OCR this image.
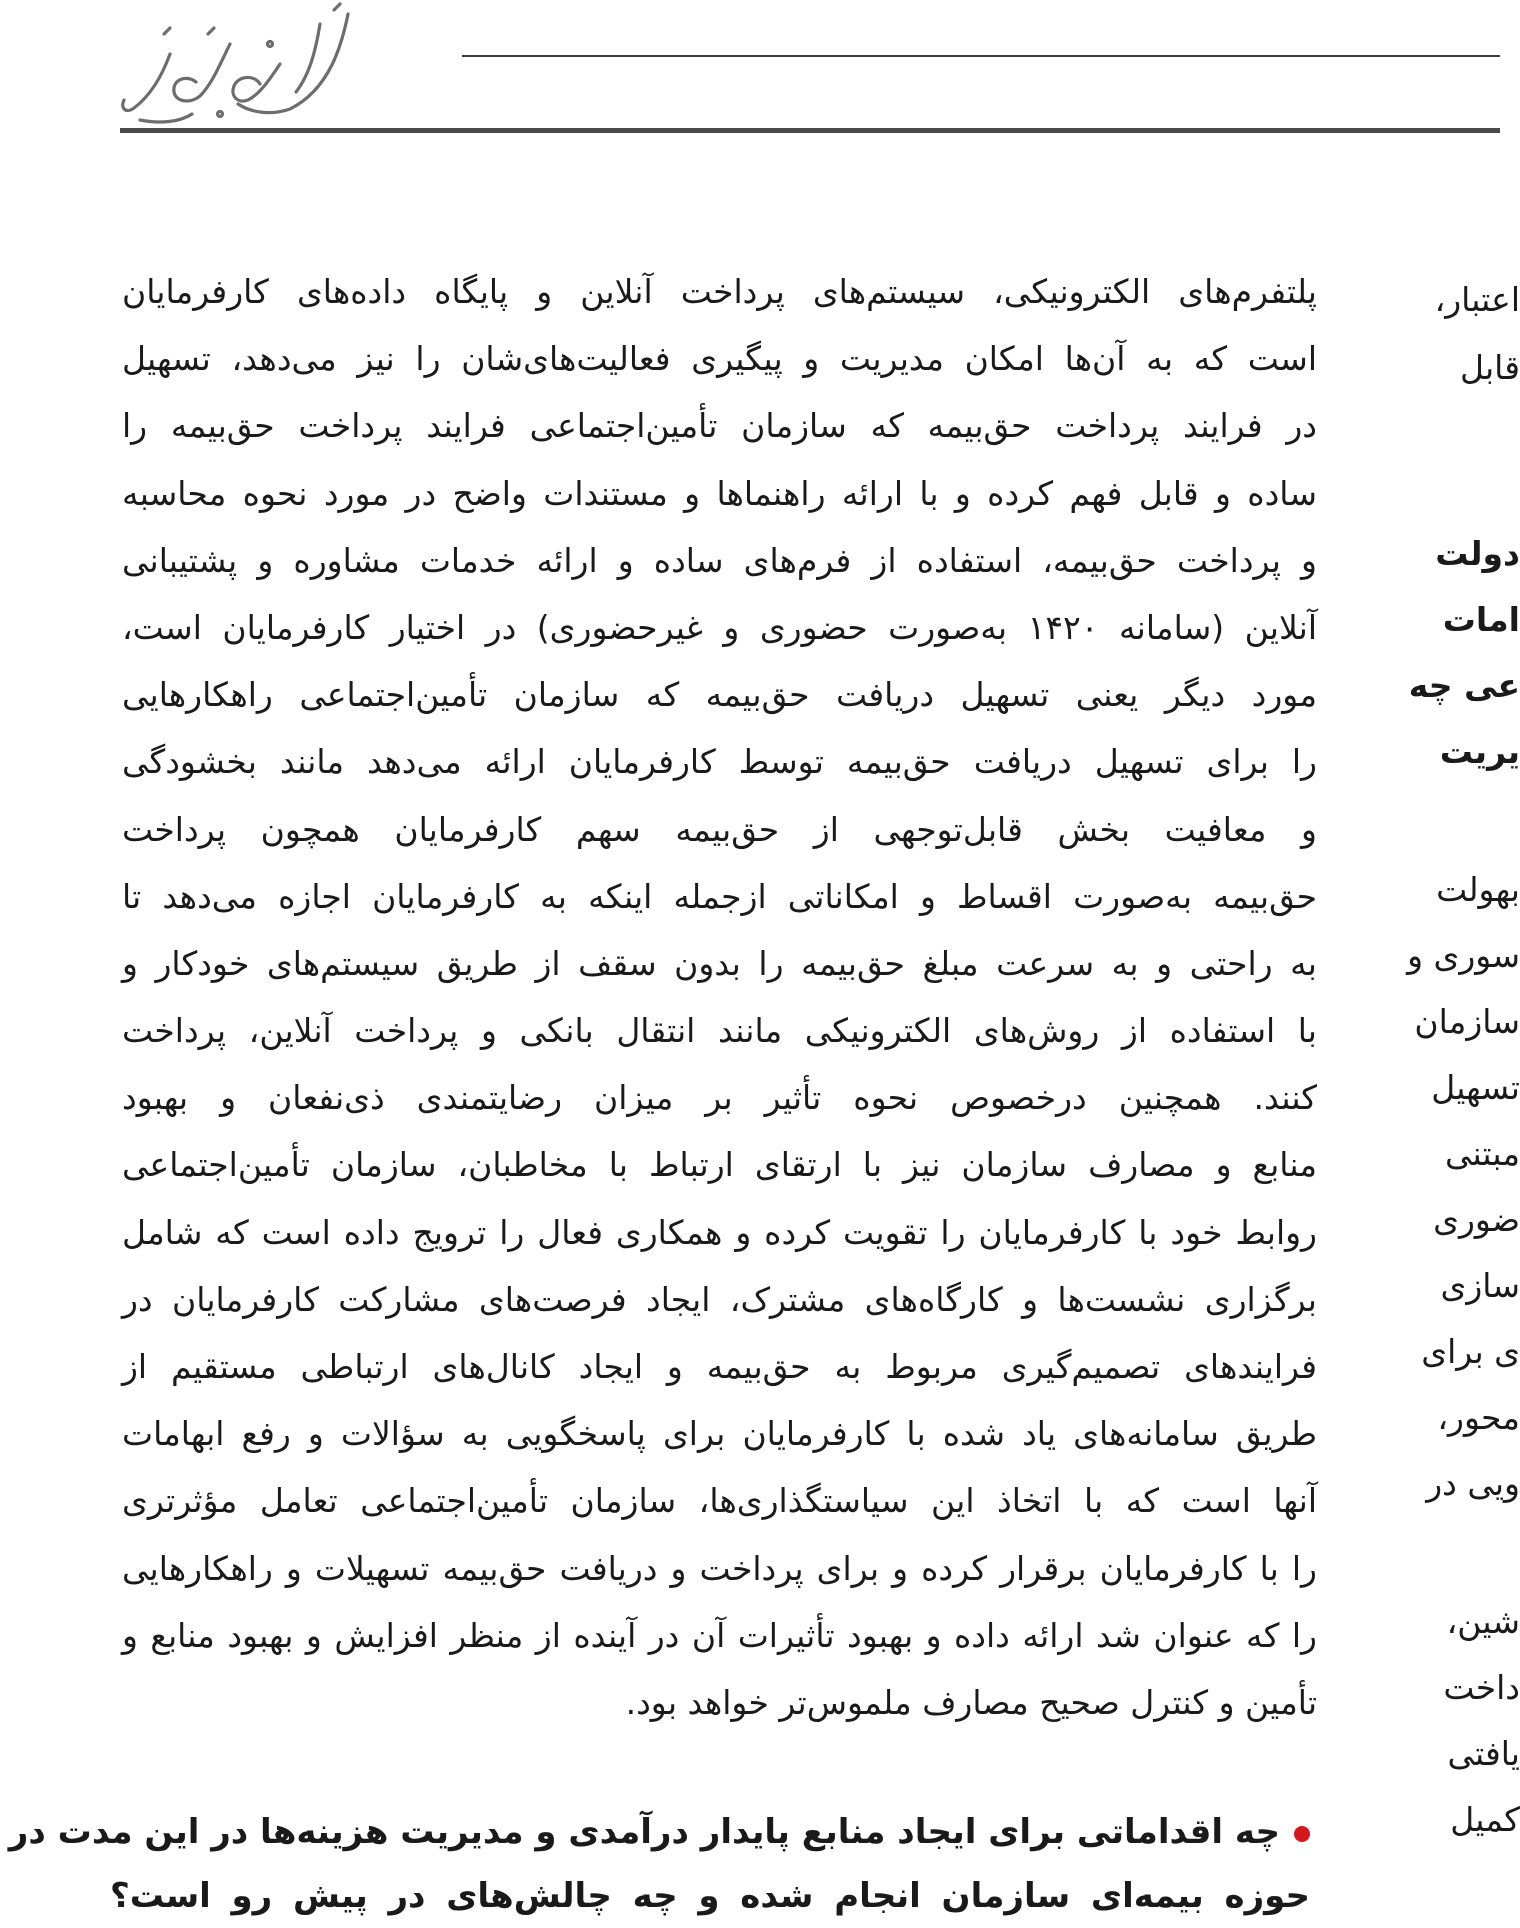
آتیه نو
پلتفرم‌های الکترونیکی، سیستم‌های پرداخت آنلاین و پایگاه داده‌های کارفرمایان
است که به آن‌ها امکان مدیریت و پیگیری فعالیت‌های‌شان را نیز می‌دهد، تسهیل
در فرایند پرداخت حق‌بیمه که سازمان تأمین‌اجتماعی فرایند پرداخت حق‌بیمه را
ساده و قابل فهم کرده و با ارائه راهنماها و مستندات واضح در مورد نحوه محاسبه
و پرداخت حق‌بیمه، استفاده از فرم‌های ساده و ارائه خدمات مشاوره و پشتیبانی
آنلاین (سامانه ۱۴۲۰ به‌صورت حضوری و غیرحضوری) در اختیار کارفرمایان است،
مورد دیگر یعنی تسهیل دریافت حق‌بیمه که سازمان تأمین‌اجتماعی راهکارهایی
را برای تسهیل دریافت حق‌بیمه توسط کارفرمایان ارائه می‌دهد مانند بخشودگی
و معافیت بخش قابل‌توجهی از حق‌بیمه سهم کارفرمایان همچون پرداخت
حق‌بیمه به‌صورت اقساط و امکاناتی ازجمله اینکه به کارفرمایان اجازه می‌دهد تا
به راحتی و به سرعت مبلغ حق‌بیمه را بدون سقف از طریق سیستم‌های خودکار و
با استفاده از روش‌های الکترونیکی مانند انتقال بانکی و پرداخت آنلاین، پرداخت
کنند. همچنین درخصوص نحوه تأثیر بر میزان رضایتمندی ذی‌نفعان و بهبود
منابع و مصارف سازمان نیز با ارتقای ارتباط با مخاطبان، سازمان تأمین‌اجتماعی
روابط خود با کارفرمایان را تقویت کرده و همکاری فعال را ترویج داده است که شامل
برگزاری نشست‌ها و کارگاه‌های مشترک، ایجاد فرصت‌های مشارکت کارفرمایان در
فرایندهای تصمیم‌گیری مربوط به حق‌بیمه و ایجاد کانال‌های ارتباطی مستقیم از
طریق سامانه‌های یاد شده با کارفرمایان برای پاسخگویی به سؤالات و رفع ابهامات
آنها است که با اتخاذ این سیاستگذاری‌ها، سازمان تأمین‌اجتماعی تعامل مؤثرتری
را با کارفرمایان برقرار کرده و برای پرداخت و دریافت حق‌بیمه تسهیلات و راهکارهایی
را که عنوان شد ارائه داده و بهبود تأثیرات آن در آینده از منظر افزایش و بهبود منابع و
تأمین و کنترل صحیح مصارف ملموس‌تر خواهد بود.
چه اقداماتی برای ایجاد منابع پایدار درآمدی و مدیریت هزینه‌ها در این مدت در
حوزه بیمه‌ای سازمان انجام شده و چه چالش‌های در پیش رو است؟
اعتبار،
قابل
دولت
امات
عی چه
یریت
بهولت
سوری و
سازمان
تسهیل
مبتنی
ضوری
سازی
ی برای
محور،
ویی در
شین،
داخت
یافتی
کمیل
